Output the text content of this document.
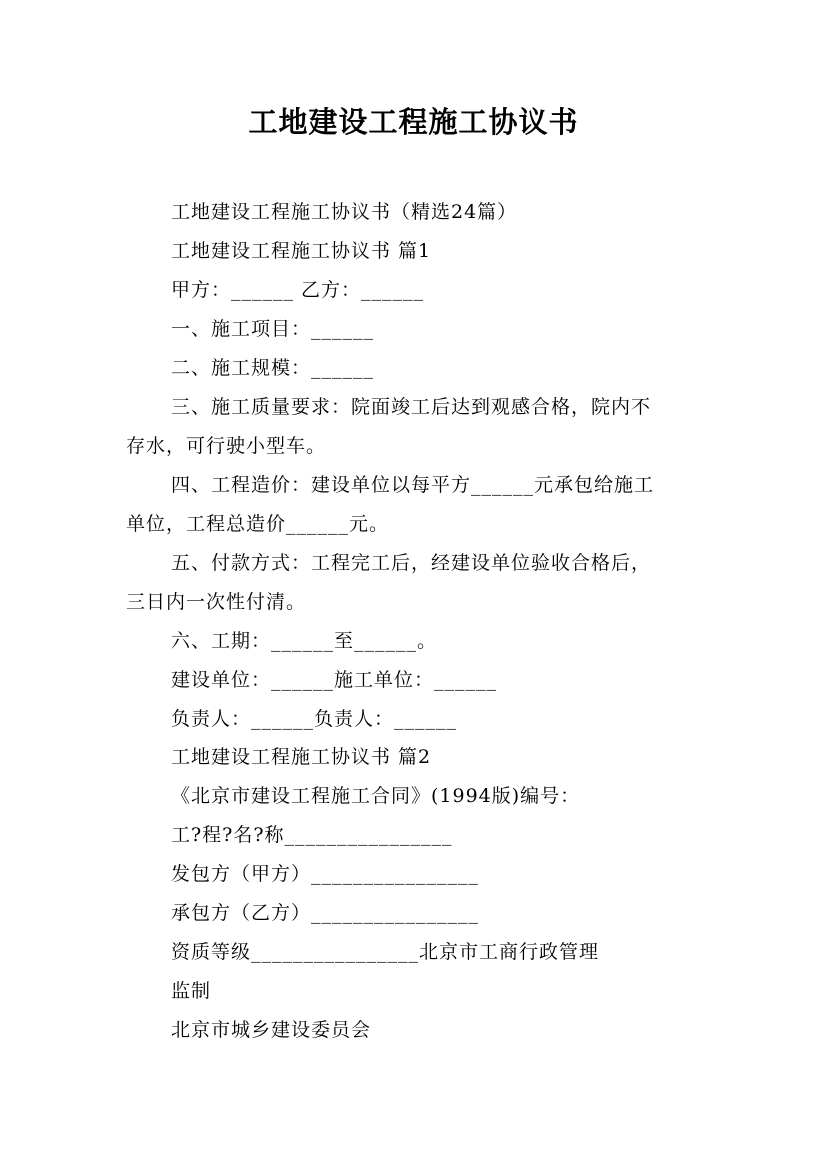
工地建设工程施工协议书
工地建设工程施工协议书（精选24篇）
工地建设工程施工协议书 篇1
甲方：______ 乙方：______
一、施工项目：______
二、施工规模：______
三、施工质量要求：院面竣工后达到观感合格，院内不
存水，可行驶小型车。
四、工程造价：建设单位以每平方______元承包给施工
单位，工程总造价______元。
五、付款方式：工程完工后，经建设单位验收合格后，
三日内一次性付清。
六、工期：______至______。
建设单位：______施工单位：______
负责人：______负责人：______
工地建设工程施工协议书 篇2
《北京市建设工程施工合同》(1994版)编号：
工?程?名?称________________
发包方（甲方）________________
承包方（乙方）________________
资质等级________________北京市工商行政管理
监制
北京市城乡建设委员会
